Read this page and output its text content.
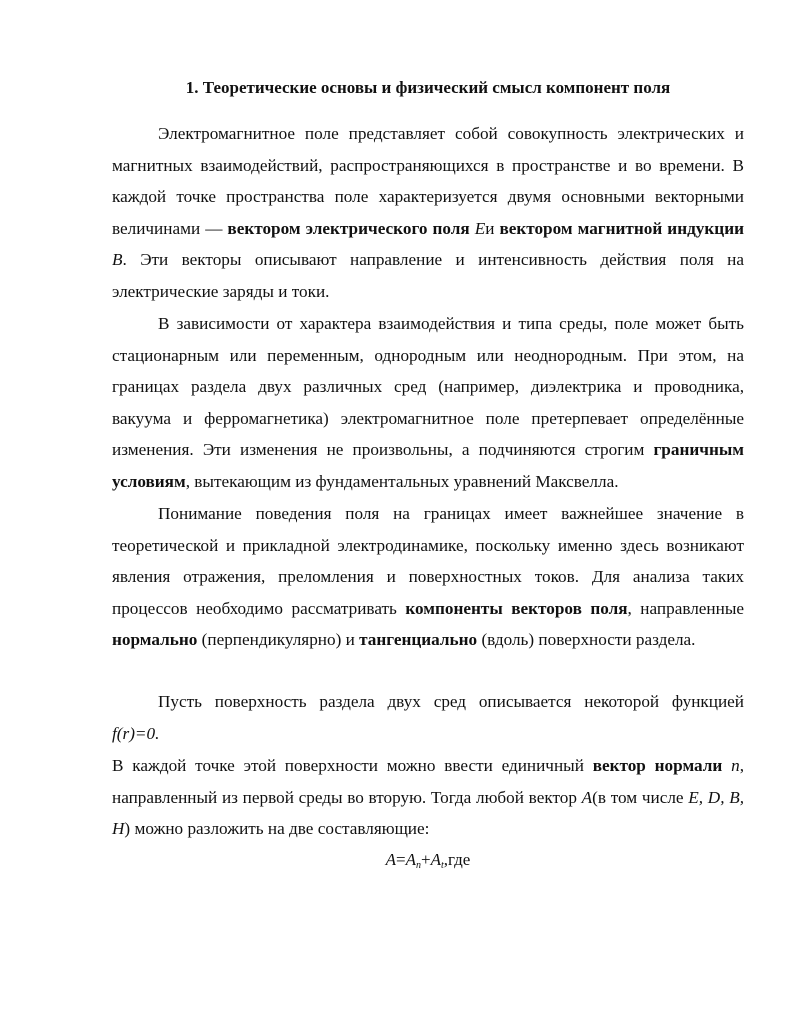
1. Теоретические основы и физический смысл компонент поля
Электромагнитное поле представляет собой совокупность электрических и магнитных взаимодействий, распространяющихся в пространстве и во времени. В каждой точке пространства поле характеризуется двумя основными векторными величинами — вектором электрического поля Eи вектором магнитной индукции B. Эти векторы описывают направление и интенсивность действия поля на электрические заряды и токи.
В зависимости от характера взаимодействия и типа среды, поле может быть стационарным или переменным, однородным или неоднородным. При этом, на границах раздела двух различных сред (например, диэлектрика и проводника, вакуума и ферромагнетика) электромагнитное поле претерпевает определённые изменения. Эти изменения не произвольны, а подчиняются строгим граничным условиям, вытекающим из фундаментальных уравнений Максвелла.
Понимание поведения поля на границах имеет важнейшее значение в теоретической и прикладной электродинамике, поскольку именно здесь возникают явления отражения, преломления и поверхностных токов. Для анализа таких процессов необходимо рассматривать компоненты векторов поля, направленные нормально (перпендикулярно) и тангенциально (вдоль) поверхности раздела.
Пусть поверхность раздела двух сред описывается некоторой функцией
f(r)=0.
В каждой точке этой поверхности можно ввести единичный вектор нормали n, направленный из первой среды во вторую. Тогда любой вектор A(в том числе E, D, B, H) можно разложить на две составляющие:
$A=A_n+A_t,где$
